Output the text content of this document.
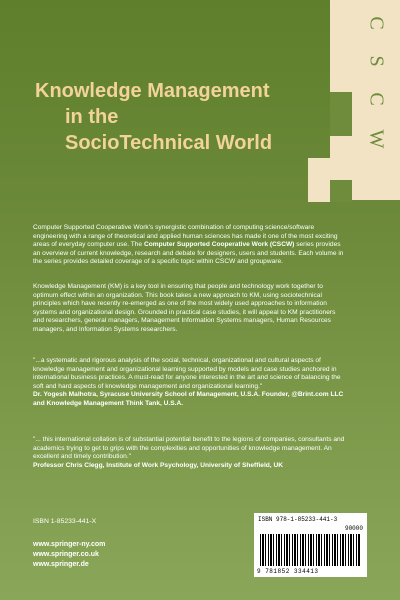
C
S
C
W
Knowledge Management
in the
SocioTechnical World
Computer Supported Cooperative Work's synergistic combination of computing science/software engineering with a range of theoretical and applied human sciences has made it one of the most exciting areas of everyday computer use. The Computer Supported Cooperative Work (CSCW) series provides an overview of current knowledge, research and debate for designers, users and students. Each volume in the series provides detailed coverage of a specific topic within CSCW and groupware.
Knowledge Management (KM) is a key tool in ensuring that people and technology work together to optimum effect within an organization. This book takes a new approach to KM, using sociotechnical principles which have recently re-emerged as one of the most widely used approaches to information systems and organizational design. Grounded in practical case studies, it will appeal to KM practitioners and researchers, general managers, Management Information Systems managers, Human Resources managers, and Information Systems researchers.
"...a systematic and rigorous analysis of the social, technical, organizational and cultural aspects of knowledge management and organizational learning supported by models and case studies anchored in international business practices. A must-read for anyone interested in the art and science of balancing the soft and hard aspects of knowledge management and organizational learning."
Dr. Yogesh Malhotra, Syracuse University School of Management, U.S.A. Founder, @Brint.com LLC and Knowledge Management Think Tank, U.S.A.
"... this international collation is of substantial potential benefit to the legions of companies, consultants and academics trying to get to grips with the complexities and opportunities of knowledge management. An excellent and timely contribution."
Professor Chris Clegg, Institute of Work Psychology, University of Sheffield, UK
ISBN 1-85233-441-X
www.springer-ny.com
www.springer.co.uk
www.springer.de
ISBN 978-1-85233-441-3
90000
9 781852 334413
